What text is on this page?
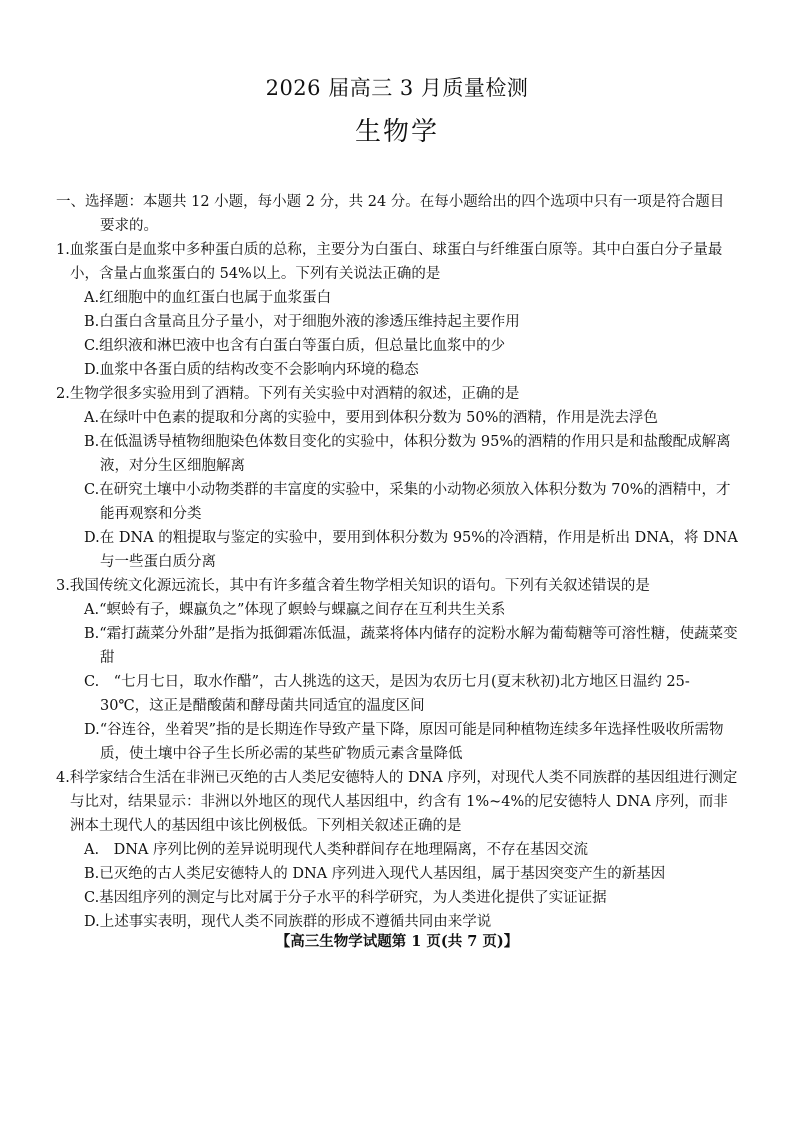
2026 届高三 3 月质量检测
生物学

一、选择题：本题共 12 小题，每小题 2 分，共 24 分。在每小题给出的四个选项中只有一项是符合题目要求的。

1.血浆蛋白是血浆中多种蛋白质的总称，主要分为白蛋白、球蛋白与纤维蛋白原等。其中白蛋白分子量最小，含量占血浆蛋白的 54%以上。下列有关说法正确的是

A.红细胞中的血红蛋白也属于血浆蛋白

B.白蛋白含量高且分子量小，对于细胞外液的渗透压维持起主要作用

C.组织液和淋巴液中也含有白蛋白等蛋白质，但总量比血浆中的少

D.血浆中各蛋白质的结构改变不会影响内环境的稳态

2.生物学很多实验用到了酒精。下列有关实验中对酒精的叙述，正确的是

A.在绿叶中色素的提取和分离的实验中，要用到体积分数为 50%的酒精，作用是洗去浮色

B.在低温诱导植物细胞染色体数目变化的实验中，体积分数为 95%的酒精的作用只是和盐酸配成解离液，对分生区细胞解离

C.在研究土壤中小动物类群的丰富度的实验中，采集的小动物必须放入体积分数为 70%的酒精中，才能再观察和分类

D.在 DNA 的粗提取与鉴定的实验中，要用到体积分数为 95%的冷酒精，作用是析出 DNA，将 DNA 与一些蛋白质分离

3.我国传统文化源远流长，其中有许多蕴含着生物学相关知识的语句。下列有关叙述错误的是

A.“螟蛉有子，蜾蠃负之”体现了螟蛉与蜾蠃之间存在互利共生关系

B.“霜打蔬菜分外甜”是指为抵御霜冻低温，蔬菜将体内储存的淀粉水解为葡萄糖等可溶性糖，使蔬菜变甜

C.　“七月七日，取水作醋”，古人挑选的这天，是因为农历七月(夏末秋初)北方地区日温约 25-30℃，这正是醋酸菌和酵母菌共同适宜的温度区间

D.“谷连谷，坐着哭”指的是长期连作导致产量下降，原因可能是同种植物连续多年选择性吸收所需物质，使土壤中谷子生长所必需的某些矿物质元素含量降低

4.科学家结合生活在非洲已灭绝的古人类尼安德特人的 DNA 序列，对现代人类不同族群的基因组进行测定与比对，结果显示：非洲以外地区的现代人基因组中，约含有 1%~4%的尼安德特人 DNA 序列，而非洲本土现代人的基因组中该比例极低。下列相关叙述正确的是

A.　DNA 序列比例的差异说明现代人类种群间存在地理隔离，不存在基因交流

B.已灭绝的古人类尼安德特人的 DNA 序列进入现代人基因组，属于基因突变产生的新基因

C.基因组序列的测定与比对属于分子水平的科学研究，为人类进化提供了实证证据

D.上述事实表明，现代人类不同族群的形成不遵循共同由来学说

【高三生物学试题第 1 页(共 7 页)】
